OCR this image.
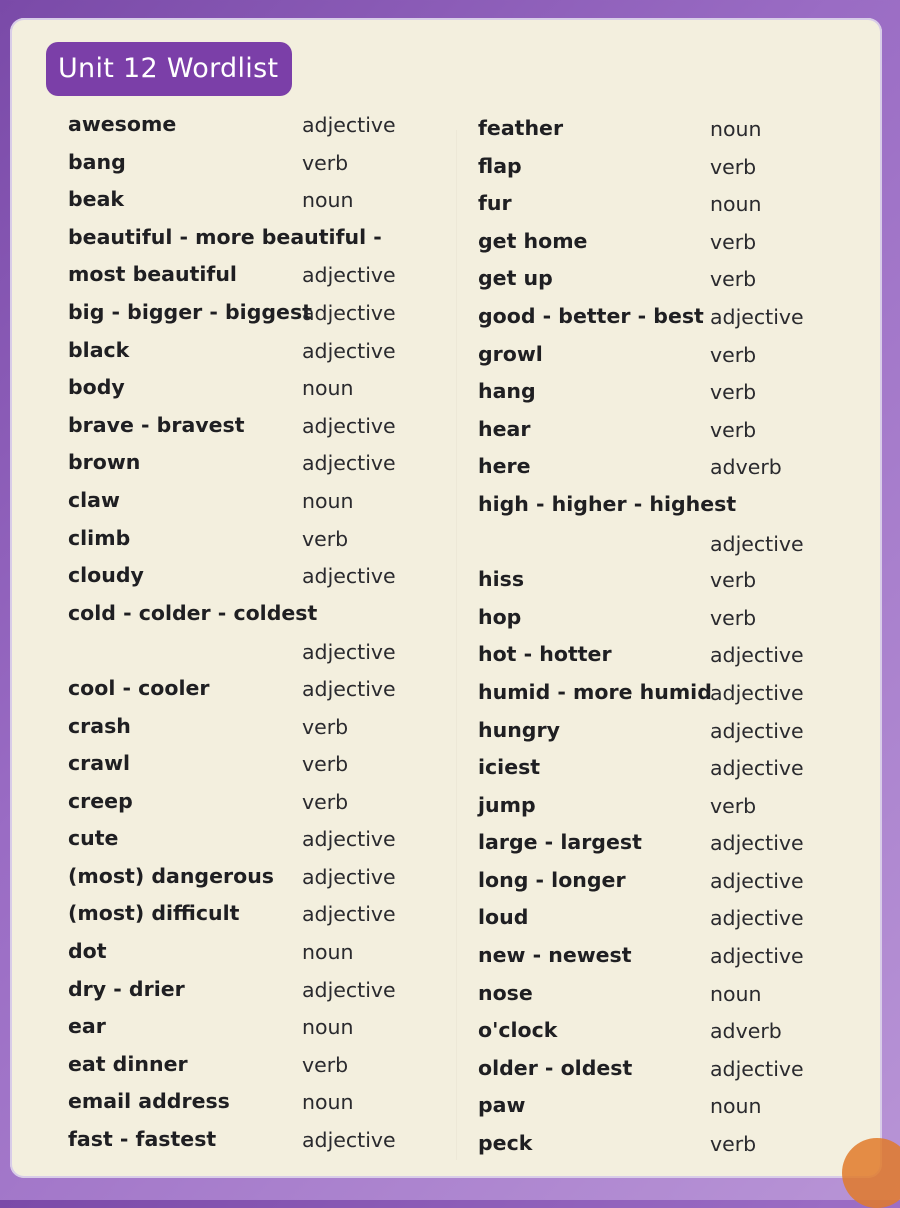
Unit 12 Wordlist
awesome	adjective
bang	verb
beak	noun
beautiful - more beautiful -
most beautiful	adjective
big - bigger - biggest
adjective
black	adjective
body	noun
brave - bravest	adjective
brown	adjective
claw	noun
climb	verb
cloudy	adjective
cold - colder - coldest
adjective
cool - cooler	adjective
crash	verb
crawl	verb
creep	verb
cute	adjective
(most) dangerous adjective
(most) difficult	adjective
dot	noun
dry - drier	adjective
ear	noun
eat dinner	verb
email address	noun
fast - fastest	adjective
feather	noun
flap	verb
fur	noun
get home	verb
get up	verb
good - better - best adjective
growl	verb
hang	verb
hear	verb
here	adverb
high - higher - highest
adjective
hiss	verb
hop	verb
hot - hotter	adjective
humid - more humid
adjective
hungry	adjective
iciest	adjective
jump	verb
large - largest	adjective
long - longer	adjective
loud	adjective
new - newest	adjective
nose	noun
o'clock	adverb
older - oldest	adjective
paw	noun
peck	verb
